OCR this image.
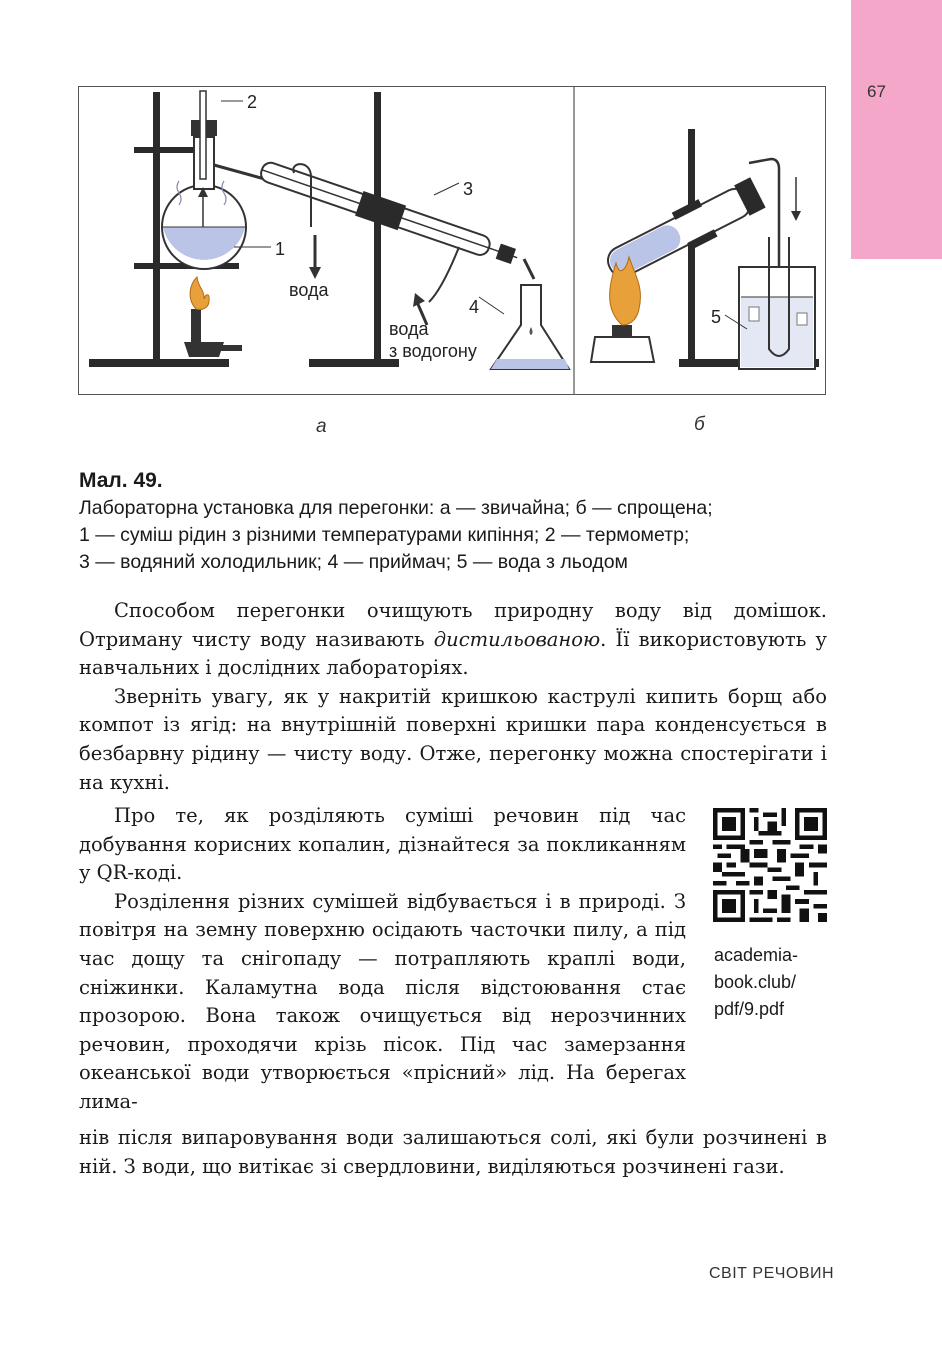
67
2
1
3
4
вода
вода
з водогону
5
а	б
Мал. 49.
Лабораторна установка для перегонки: а — звичайна; б — спрощена;
1 — суміш рідин з різними температурами кипіння; 2 — термометр;
3 — водяний холодильник; 4 — приймач; 5 — вода з льодом

Способом перегонки очищують природну воду від домішок. Отриману чисту воду називають дистильованою. Її використовують у навчальних і дослідних лабораторіях.

Зверніть увагу, як у накритій кришкою каструлі кипить борщ або компот із ягід: на внутрішній поверхні кришки пара конденсується в безбарвну рідину — чисту воду. Отже, перегонку можна спостерігати і на кухні.

Про те, як розділяють суміші речовин під час добування корисних копалин, дізнайтеся за покликанням у QR-коді.

Розділення різних сумішей відбувається і в природі. З повітря на земну поверхню осідають часточки пилу, а під час дощу та снігопаду — потрапляють краплі води, сніжинки. Каламутна вода після відстоювання стає прозорою. Вона також очищується від нерозчинних речовин, проходячи крізь пісок. Під час замерзання океанської води утворюється «прісний» лід. На берегах лима-

нів після випаровування води залишаються солі, які були розчинені в ній. З води, що витікає зі свердловини, виділяються розчинені гази.

academia-
book.club/
pdf/9.pdf
СВІТ РЕЧОВИН
